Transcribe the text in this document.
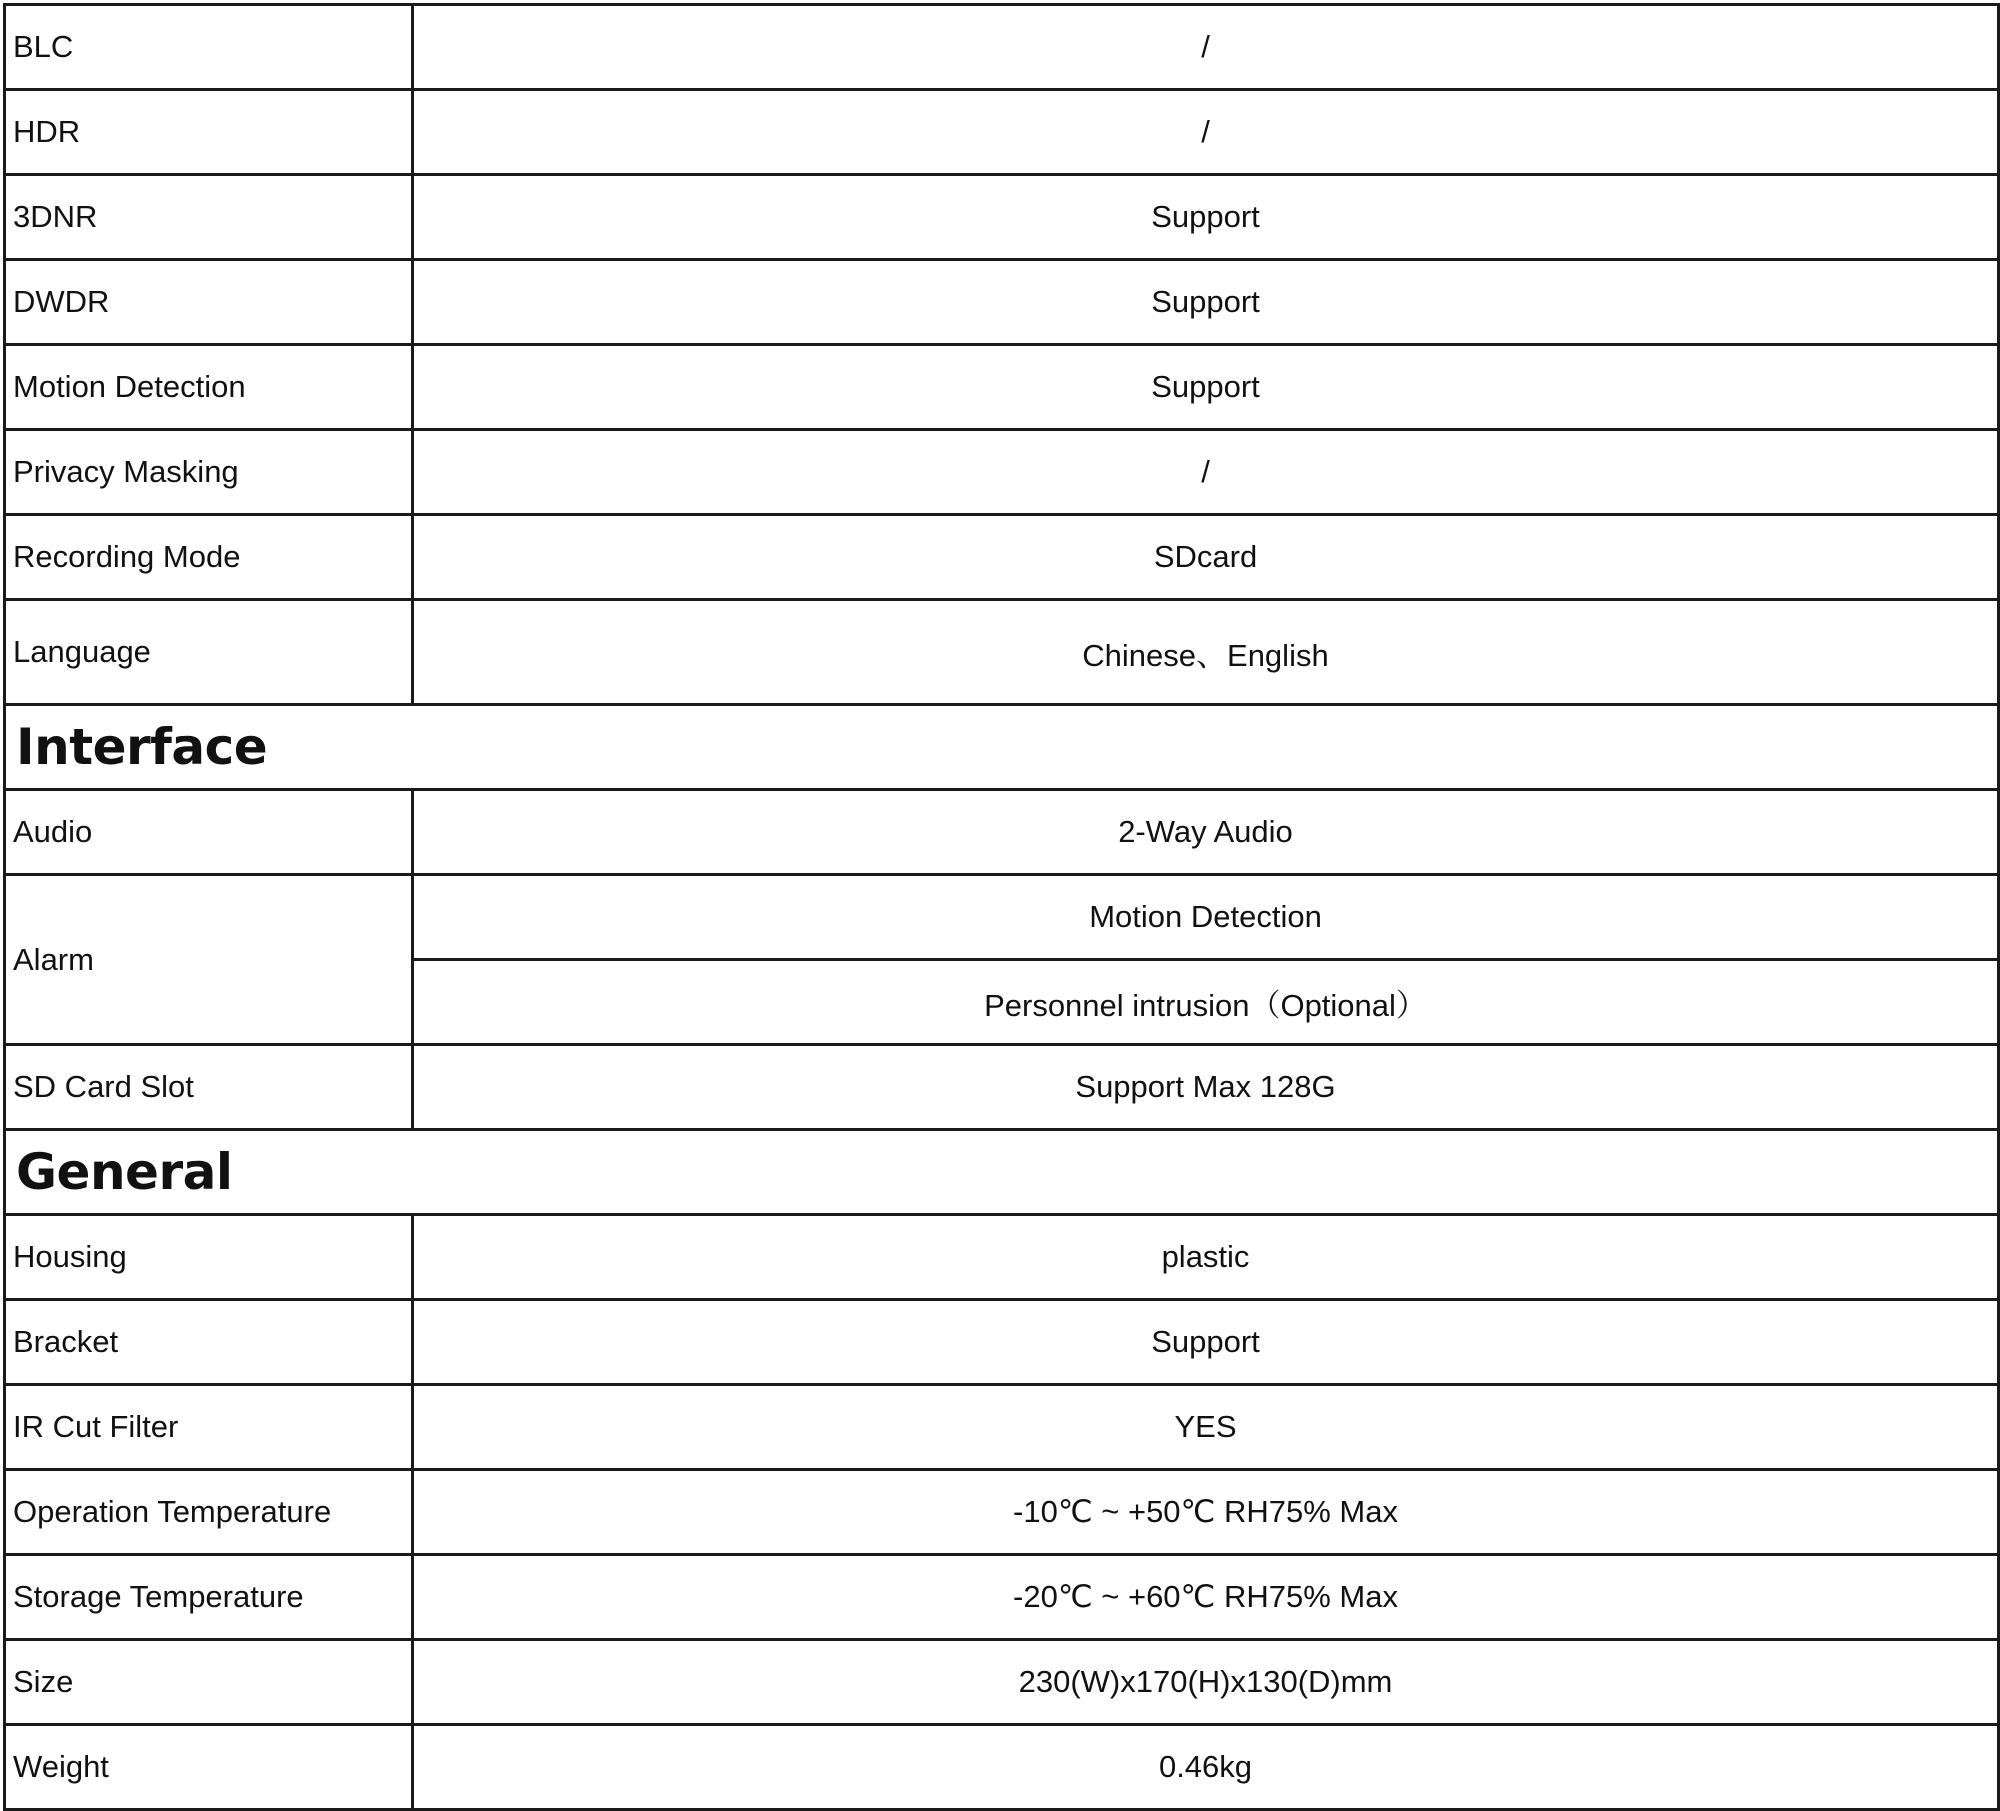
BLC	/
HDR	/
3DNR	Support
DWDR	Support
Motion Detection	Support
Privacy Masking	/
Recording Mode	SDcard
Language	Chinese、English
Interface	
Audio	2-Way Audio
Alarm	Motion Detection
	Personnel intrusion（Optional）
SD Card Slot	Support Max 128G
General	
Housing	plastic
Bracket	Support
IR Cut Filter	YES
Operation Temperature	-10℃ ~ +50℃ RH75% Max
Storage Temperature	-20℃ ~ +60℃ RH75% Max
Size	230(W)x170(H)x130(D)mm
Weight	0.46kg
